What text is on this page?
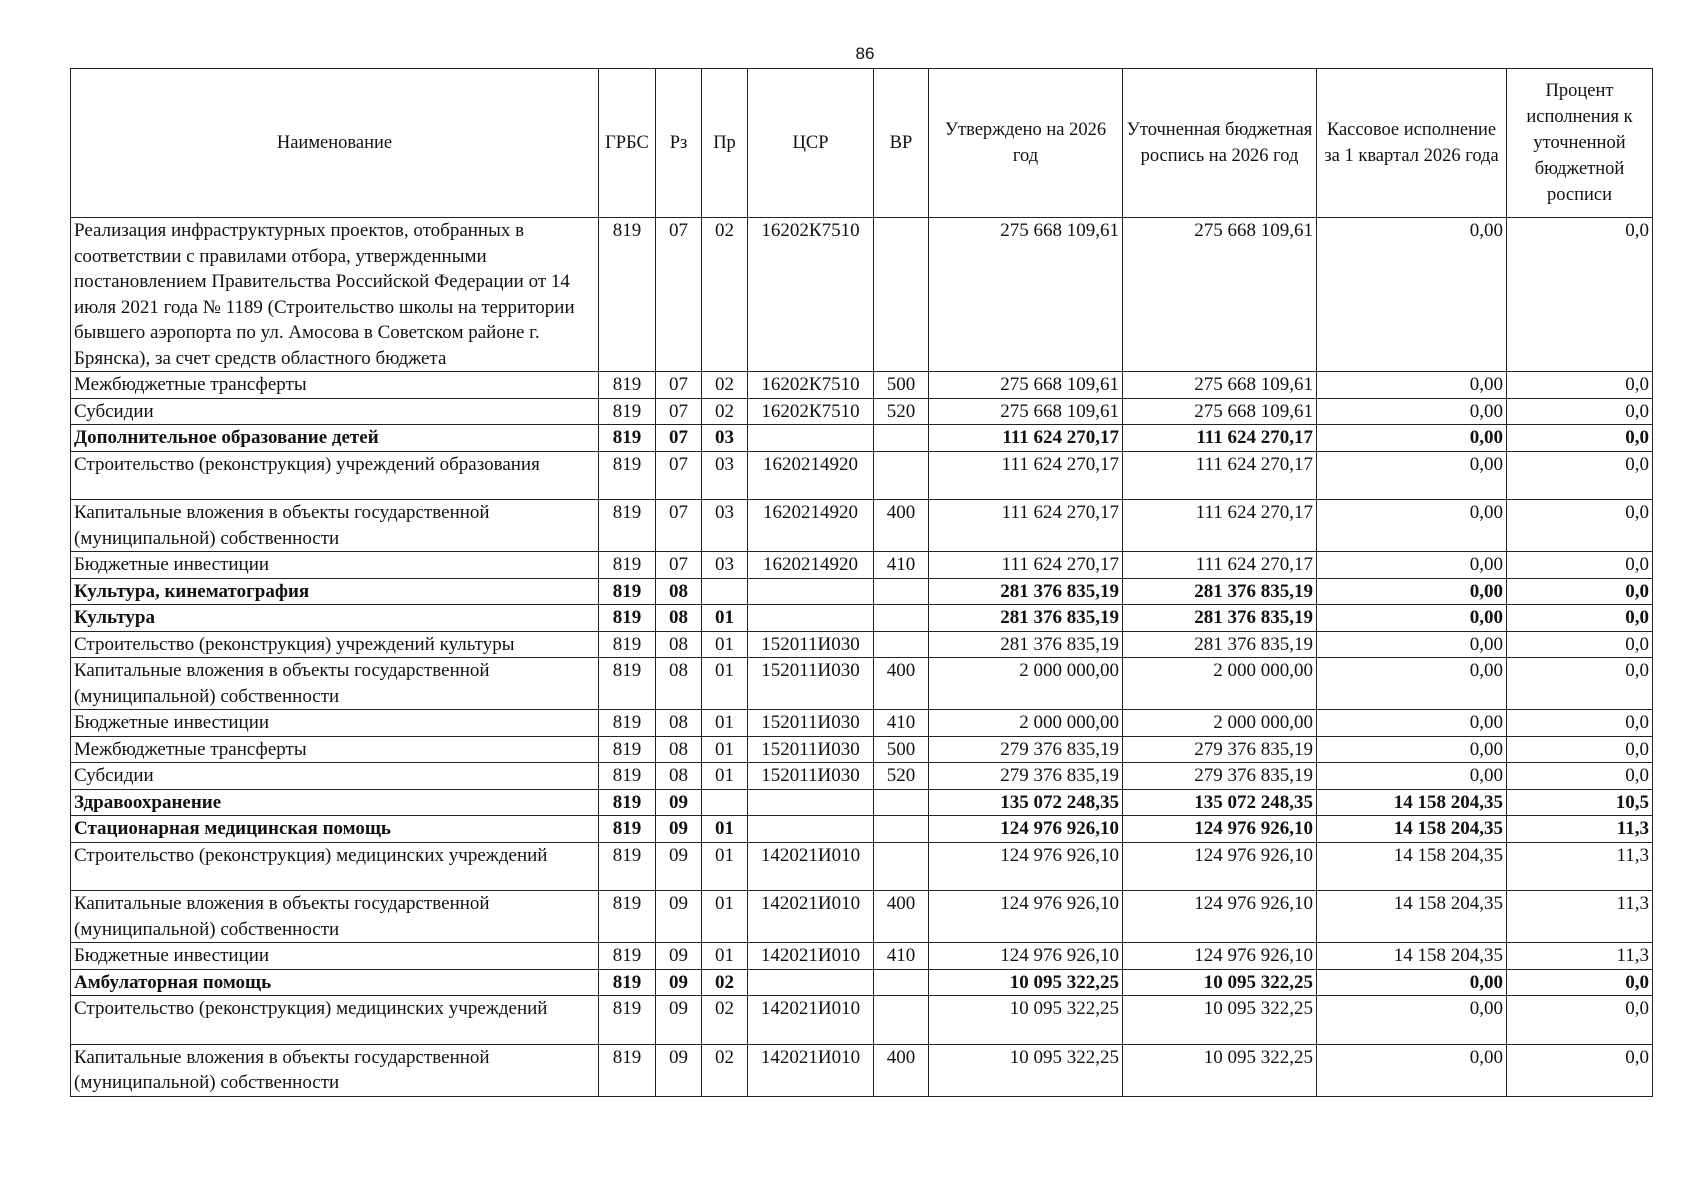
86
Наименование	ГРБС	Рз	Пр	ЦСР	ВР	Утверждено на 2026 год	Уточненная бюджетная роспись на 2026 год	Кассовое исполнение за 1 квартал 2026 года	Процент исполнения к уточненной бюджетной росписи
Реализация инфраструктурных проектов, отобранных в соответствии с правилами отбора, утвержденными постановлением Правительства Российской Федерации от 14 июля 2021 года № 1189 (Строительство школы на территории бывшего аэропорта по ул. Амосова в Советском районе г. Брянска), за счет средств областного бюджета	819	07	02	16202К7510		275 668 109,61	275 668 109,61	0,00	0,0
Межбюджетные трансферты	819	07	02	16202К7510	500	275 668 109,61	275 668 109,61	0,00	0,0
Субсидии	819	07	02	16202К7510	520	275 668 109,61	275 668 109,61	0,00	0,0
Дополнительное образование детей	819	07	03			111 624 270,17	111 624 270,17	0,00	0,0
Строительство (реконструкция) учреждений образования	819	07	03	1620214920		111 624 270,17	111 624 270,17	0,00	0,0
Капитальные вложения в объекты государственной (муниципальной) собственности	819	07	03	1620214920	400	111 624 270,17	111 624 270,17	0,00	0,0
Бюджетные инвестиции	819	07	03	1620214920	410	111 624 270,17	111 624 270,17	0,00	0,0
Культура, кинематография	819	08				281 376 835,19	281 376 835,19	0,00	0,0
Культура	819	08	01			281 376 835,19	281 376 835,19	0,00	0,0
Строительство (реконструкция) учреждений культуры	819	08	01	152011И030		281 376 835,19	281 376 835,19	0,00	0,0
Капитальные вложения в объекты государственной (муниципальной) собственности	819	08	01	152011И030	400	2 000 000,00	2 000 000,00	0,00	0,0
Бюджетные инвестиции	819	08	01	152011И030	410	2 000 000,00	2 000 000,00	0,00	0,0
Межбюджетные трансферты	819	08	01	152011И030	500	279 376 835,19	279 376 835,19	0,00	0,0
Субсидии	819	08	01	152011И030	520	279 376 835,19	279 376 835,19	0,00	0,0
Здравоохранение	819	09				135 072 248,35	135 072 248,35	14 158 204,35	10,5
Стационарная медицинская помощь	819	09	01			124 976 926,10	124 976 926,10	14 158 204,35	11,3
Строительство (реконструкция) медицинских учреждений	819	09	01	142021И010		124 976 926,10	124 976 926,10	14 158 204,35	11,3
Капитальные вложения в объекты государственной (муниципальной) собственности	819	09	01	142021И010	400	124 976 926,10	124 976 926,10	14 158 204,35	11,3
Бюджетные инвестиции	819	09	01	142021И010	410	124 976 926,10	124 976 926,10	14 158 204,35	11,3
Амбулаторная помощь	819	09	02			10 095 322,25	10 095 322,25	0,00	0,0
Строительство (реконструкция) медицинских учреждений	819	09	02	142021И010		10 095 322,25	10 095 322,25	0,00	0,0
Капитальные вложения в объекты государственной (муниципальной) собственности	819	09	02	142021И010	400	10 095 322,25	10 095 322,25	0,00	0,0
